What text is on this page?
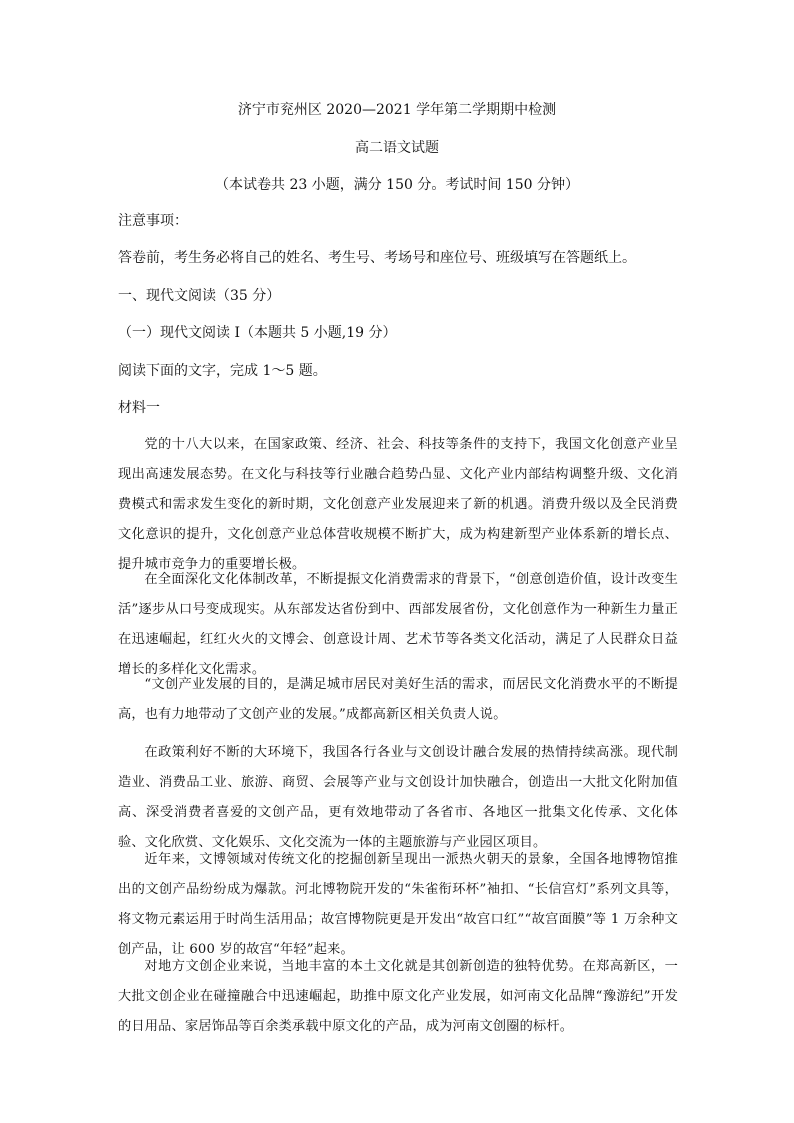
济宁市兖州区 2020—2021 学年第二学期期中检测
高二语文试题
（本试卷共 23 小题，满分 150 分。考试时间 150 分钟）
注意事项：
答卷前，考生务必将自己的姓名、考生号、考场号和座位号、班级填写在答题纸上。
一、现代文阅读（35 分）
（一）现代文阅读 I（本题共 5 小题,19 分）
阅读下面的文字，完成 1～5 题。
材料一
党的十八大以来，在国家政策、经济、社会、科技等条件的支持下，我国文化创意产业呈现出高速发展态势。在文化与科技等行业融合趋势凸显、文化产业内部结构调整升级、文化消费模式和需求发生变化的新时期，文化创意产业发展迎来了新的机遇。消费升级以及全民消费文化意识的提升，文化创意产业总体营收规模不断扩大，成为构建新型产业体系新的增长点、提升城市竞争力的重要增长极。
在全面深化文化体制改革，不断提振文化消费需求的背景下，“创意创造价值，设计改变生活”逐步从口号变成现实。从东部发达省份到中、西部发展省份，文化创意作为一种新生力量正在迅速崛起，红红火火的文博会、创意设计周、艺术节等各类文化活动，满足了人民群众日益增长的多样化文化需求。
“文创产业发展的目的，是满足城市居民对美好生活的需求，而居民文化消费水平的不断提高，也有力地带动了文创产业的发展。”成都高新区相关负责人说。
在政策利好不断的大环境下，我国各行各业与文创设计融合发展的热情持续高涨。现代制造业、消费品工业、旅游、商贸、会展等产业与文创设计加快融合，创造出一大批文化附加值高、深受消费者喜爱的文创产品，更有效地带动了各省市、各地区一批集文化传承、文化体验、文化欣赏、文化娱乐、文化交流为一体的主题旅游与产业园区项目。
近年来，文博领域对传统文化的挖掘创新呈现出一派热火朝天的景象，全国各地博物馆推出的文创产品纷纷成为爆款。河北博物院开发的“朱雀衔环杯”袖扣、“长信宫灯”系列文具等，将文物元素运用于时尚生活用品；故宫博物院更是开发出“故宫口红”“故宫面膜”等 1 万余种文创产品，让 600 岁的故宫“年轻”起来。
对地方文创企业来说，当地丰富的本土文化就是其创新创造的独特优势。在郑高新区，一大批文创企业在碰撞融合中迅速崛起，助推中原文化产业发展，如河南文化品牌“豫游纪”开发的日用品、家居饰品等百余类承载中原文化的产品，成为河南文创圈的标杆。
